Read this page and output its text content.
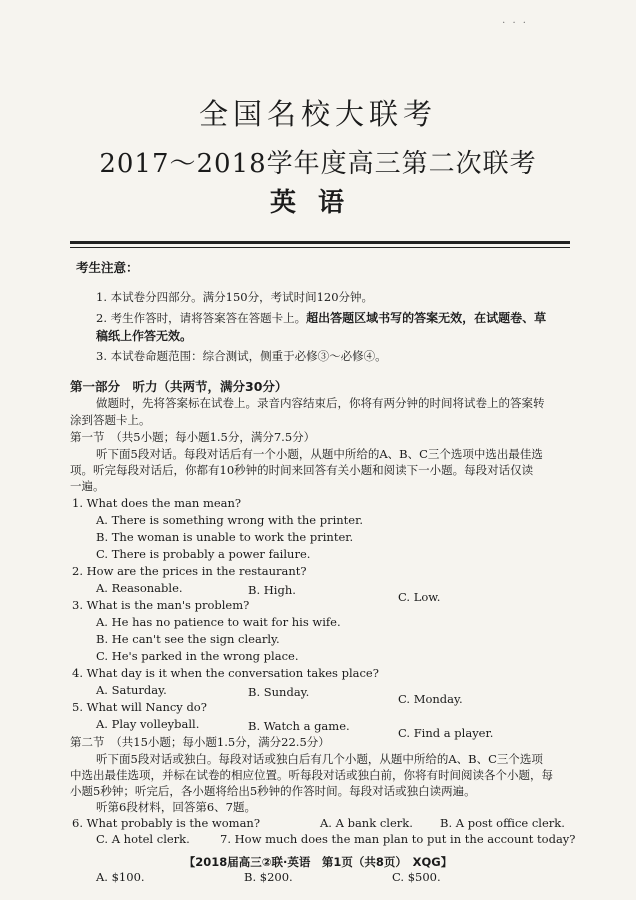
· · ·
全国名校大联考
2017～2018学年度高三第二次联考
英语
考生注意：
1. 本试卷分四部分。满分150分，考试时间120分钟。
2. 考生作答时，请将答案答在答题卡上。超出答题区域书写的答案无效，在试题卷、草
稿纸上作答无效。
3. 本试卷命题范围：综合测试，侧重于必修③～必修④。
第一部分　听力（共两节，满分30分）
做题时，先将答案标在试卷上。录音内容结束后，你将有两分钟的时间将试卷上的答案转
涂到答题卡上。
第一节　（共5小题；每小题1.5分，满分7.5分）
听下面5段对话。每段对话后有一个小题，从题中所给的A、B、C三个选项中选出最佳选
项。听完每段对话后，你都有10秒钟的时间来回答有关小题和阅读下一小题。每段对话仅读
一遍。
1. What does the man mean?
A. There is something wrong with the printer.
B. The woman is unable to work the printer.
C. There is probably a power failure.
2. How are the prices in the restaurant?
A. Reasonable.	B. High.	C. Low.
3. What is the man's problem?
A. He has no patience to wait for his wife.
B. He can't see the sign clearly.
C. He's parked in the wrong place.
4. What day is it when the conversation takes place?
A. Saturday.	B. Sunday.	C. Monday.
5. What will Nancy do?
A. Play volleyball.	B. Watch a game.	C. Find a player.
第二节　（共15小题；每小题1.5分，满分22.5分）
听下面5段对话或独白。每段对话或独白后有几个小题，从题中所给的A、B、C三个选项
中选出最佳选项，并标在试卷的相应位置。听每段对话或独白前，你将有时间阅读各个小题，每
小题5秒钟；听完后，各小题将给出5秒钟的作答时间。每段对话或独白读两遍。
听第6段材料，回答第6、7题。
6. What probably is the woman?	A. A bank clerk. B. A post office clerk.
C. A hotel clerk.	7. How much does the man plan to put in the account today?
【2018届高三②联·英语　第1页（共8页）　XQG】
A. $100.	B. $200.	C. $500.
